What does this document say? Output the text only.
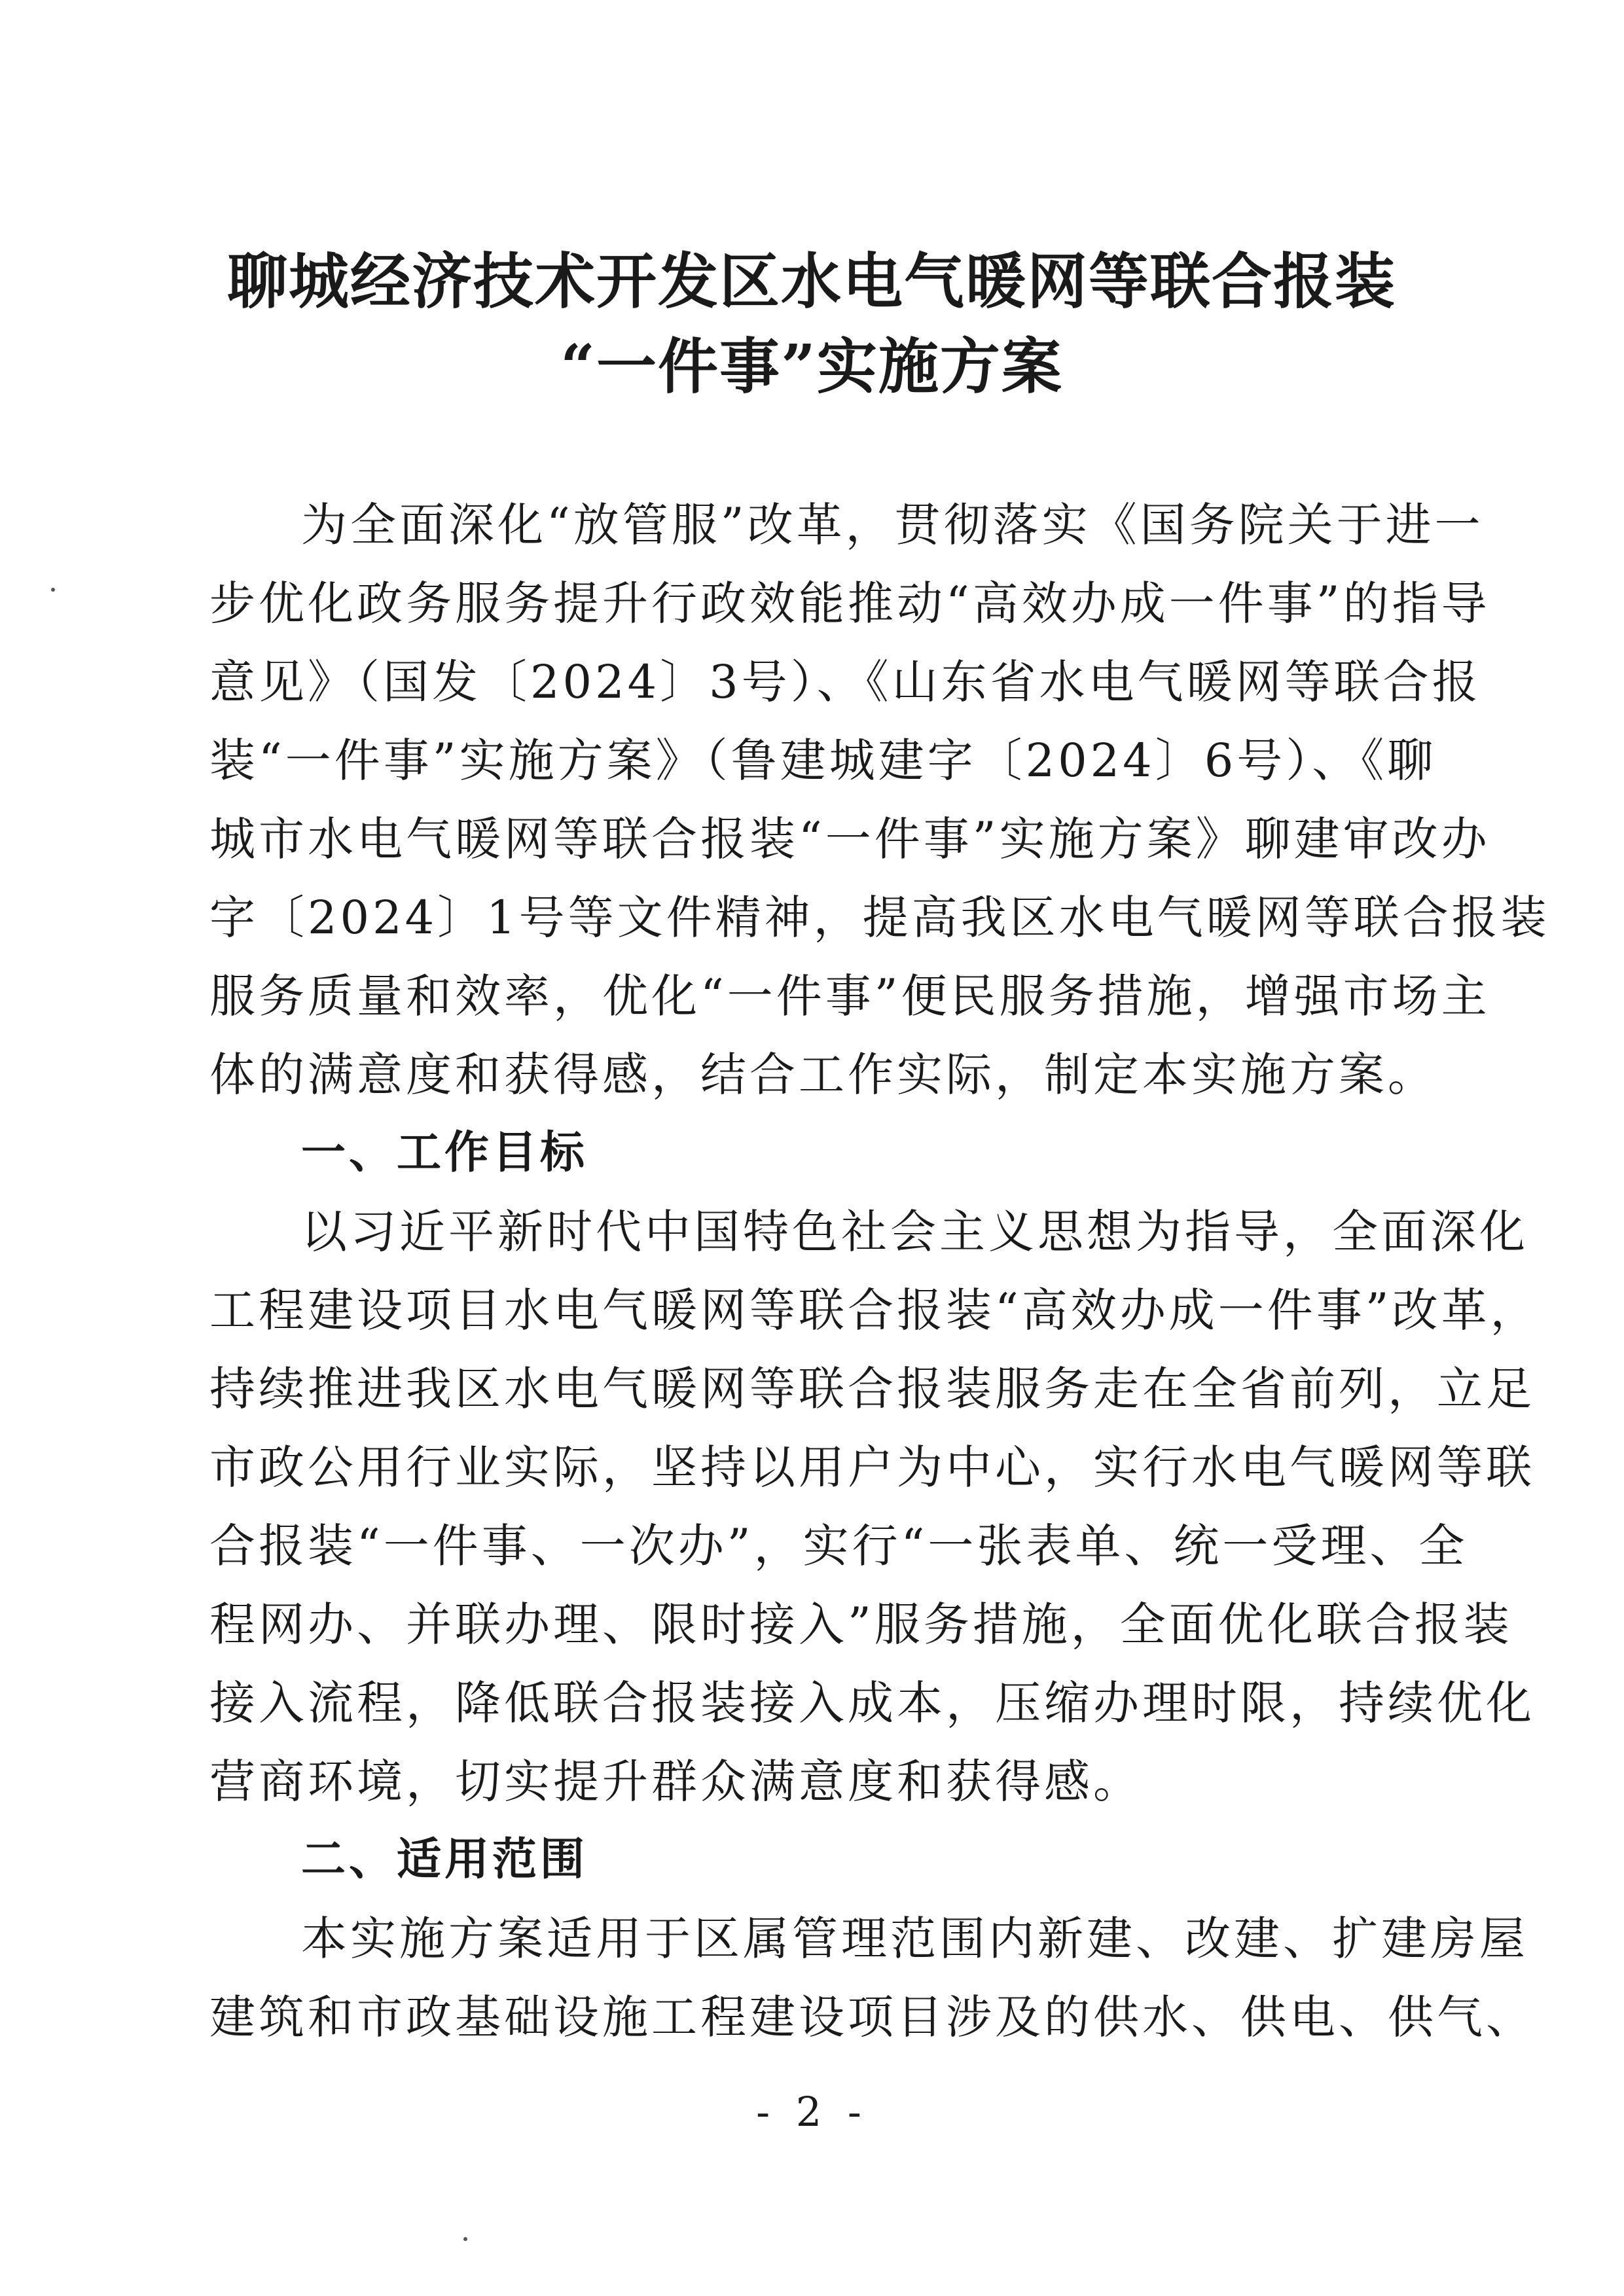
聊城经济技术开发区水电气暖网等联合报装
“一件事”实施方案
为全面深化“放管服”改革，贯彻落实《国务院关于进一
步优化政务服务提升行政效能推动“高效办成一件事”的指导
意见》（国发〔2024〕3号）、《山东省水电气暖网等联合报
装“一件事”实施方案》（鲁建城建字〔2024〕6号）、《聊
城市水电气暖网等联合报装“一件事”实施方案》聊建审改办
字〔2024〕1号等文件精神，提高我区水电气暖网等联合报装
服务质量和效率，优化“一件事”便民服务措施，增强市场主
体的满意度和获得感，结合工作实际，制定本实施方案。
一、工作目标
以习近平新时代中国特色社会主义思想为指导，全面深化
工程建设项目水电气暖网等联合报装“高效办成一件事”改革，
持续推进我区水电气暖网等联合报装服务走在全省前列，立足
市政公用行业实际，坚持以用户为中心，实行水电气暖网等联
合报装“一件事、一次办”，实行“一张表单、统一受理、全
程网办、并联办理、限时接入”服务措施，全面优化联合报装
接入流程，降低联合报装接入成本，压缩办理时限，持续优化
营商环境，切实提升群众满意度和获得感。
二、适用范围
本实施方案适用于区属管理范围内新建、改建、扩建房屋
建筑和市政基础设施工程建设项目涉及的供水、供电、供气、
- 2 -
